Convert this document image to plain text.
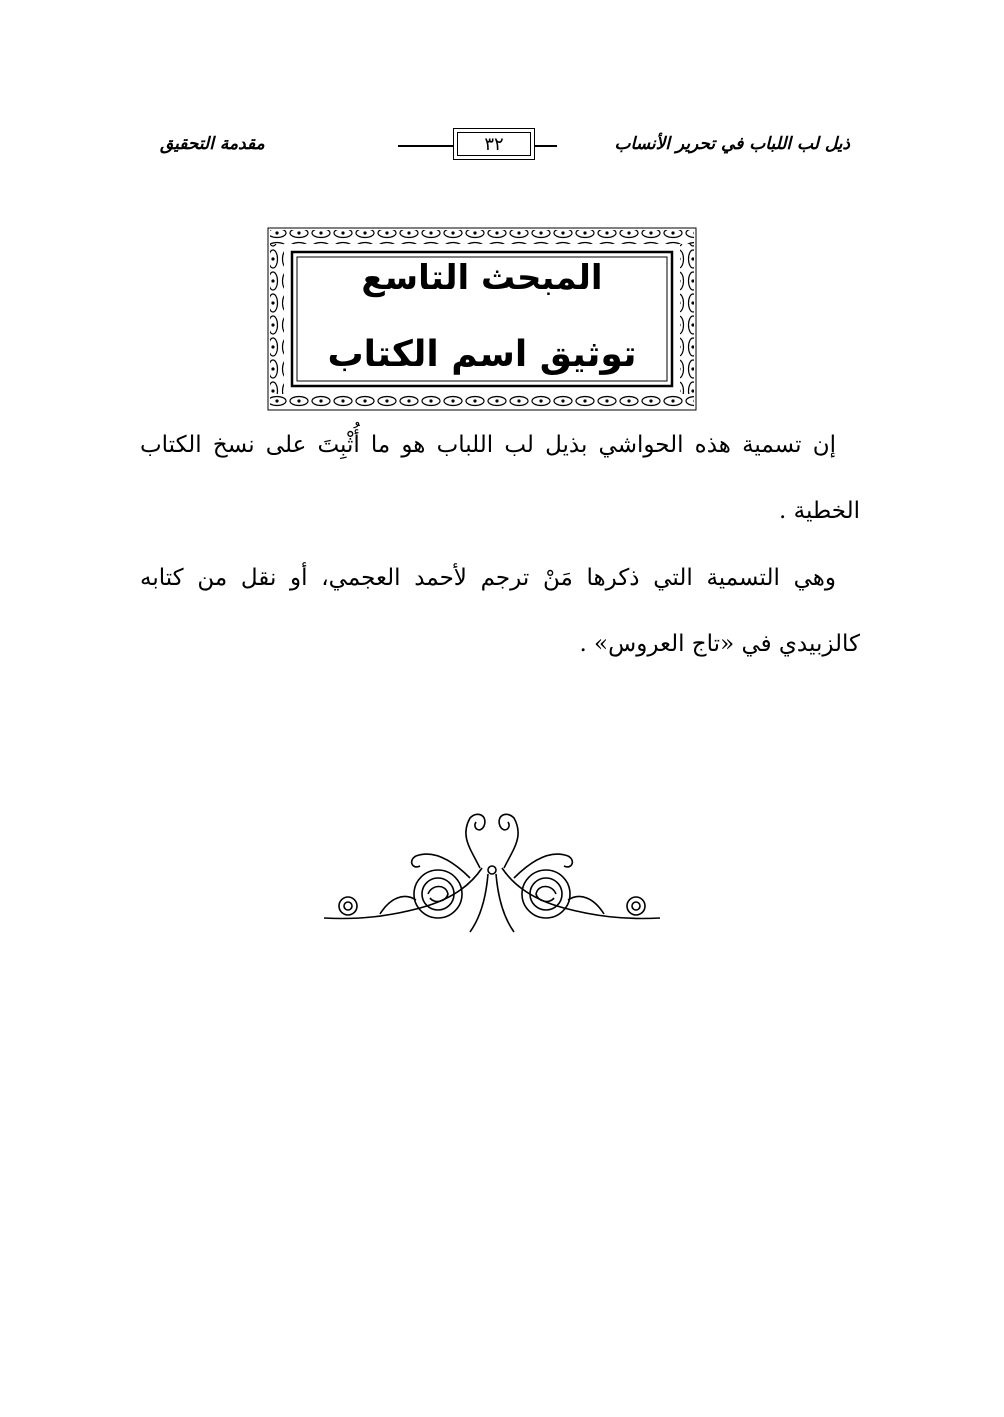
ذيل لب اللباب في تحرير الأنساب
٣٢
مقدمة التحقيق
المبحث التاسع
توثيق اسم الكتاب

إن تسمية هذه الحواشي بذيل لب اللباب هو ما أُثْبِتَ على نسخ الكتاب الخطية .

وهي التسمية التي ذكرها مَنْ ترجم لأحمد العجمي، أو نقل من كتابه كالزبيدي في «تاج العروس» .
